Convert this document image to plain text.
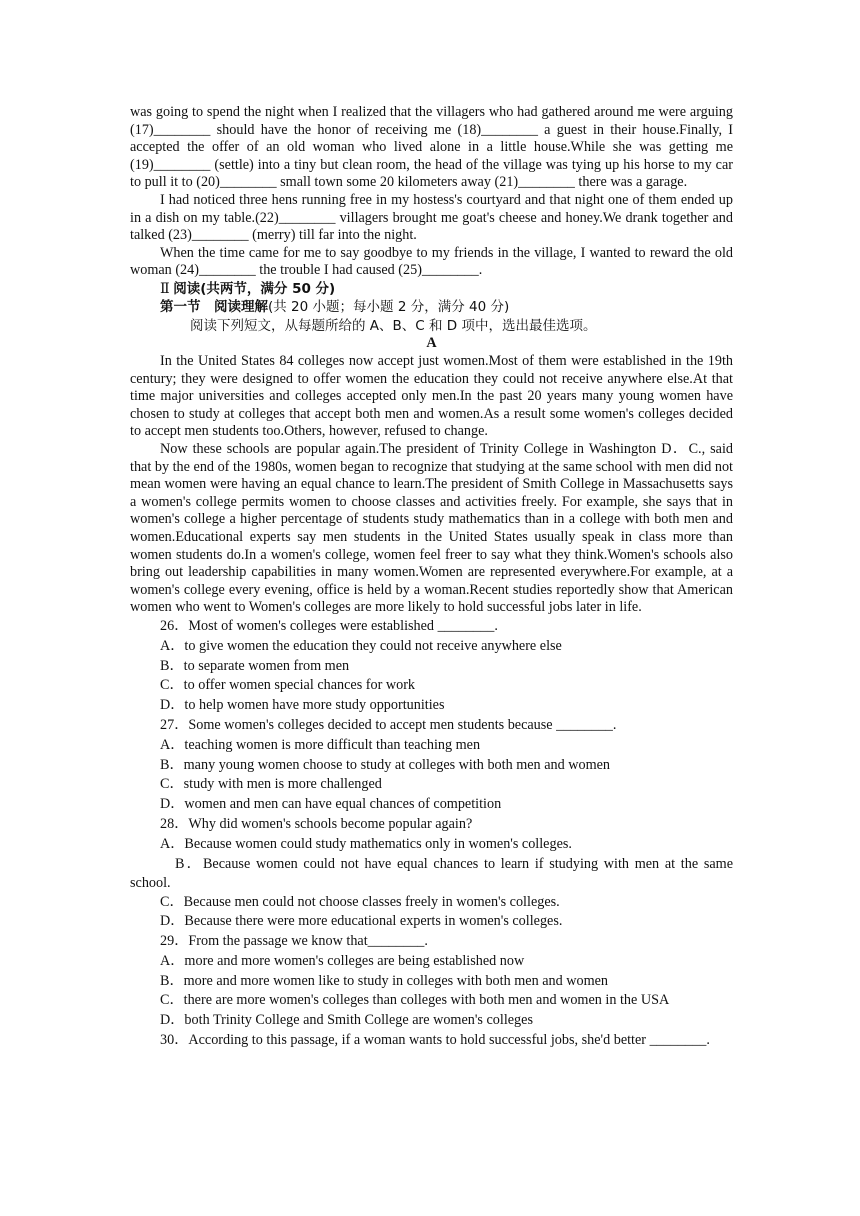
was going to spend the night when I realized that the villagers who had gathered around me were arguing (17)________ should have the honor of receiving me (18)________ a guest in their house.Finally, I accepted the offer of an old woman who lived alone in a little house.While she was getting me (19)________ (settle) into a tiny but clean room, the head of the village was tying up his horse to my car to pull it to (20)________ small town some 20 kilometers away (21)________ there was a garage.

I had noticed three hens running free in my hostess's courtyard and that night one of them ended up in a dish on my table.(22)________ villagers brought me goat's cheese and honey.We drank together and talked (23)________ (merry) till far into the night.

When the time came for me to say goodbye to my friends in the village, I wanted to reward the old woman (24)________ the trouble I had caused (25)________.

Ⅱ 阅读(共两节，满分 50 分)
第一节　阅读理解(共 20 小题；每小题 2 分，满分 40 分)
阅读下列短文，从每题所给的 A、B、C 和 D 项中，选出最佳选项。

A

In the United States 84 colleges now accept just women.Most of them were established in the 19th century; they were designed to offer women the education they could not receive anywhere else.At that time major universities and colleges accepted only men.In the past 20 years many young women have chosen to study at colleges that accept both men and women.As a result some women's colleges decided to accept men students too.Others, however, refused to change.

Now these schools are popular again.The president of Trinity College in Washington D．C., said that by the end of the 1980s, women began to recognize that studying at the same school with men did not mean women were having an equal chance to learn.The president of Smith College in Massachusetts says a women's college permits women to choose classes and activities freely. For example, she says that in women's college a higher percentage of students study mathematics than in a college with both men and women.Educational experts say men students in the United States usually speak in class more than women students do.In a women's college, women feel freer to say what they think.Women's schools also bring out leadership capabilities in many women.Women are represented everywhere.For example, at a women's college every evening, office is held by a woman.Recent studies reportedly show that American women who went to Women's colleges are more likely to hold successful jobs later in life.

26．Most of women's colleges were established ________.

A．to give women the education they could not receive anywhere else

B．to separate women from men

C．to offer women special chances for work

D．to help women have more study opportunities

27．Some women's colleges decided to accept men students because ________.

A．teaching women is more difficult than teaching men

B．many young women choose to study at colleges with both men and women

C．study with men is more challenged

D．women and men can have equal chances of competition

28．Why did women's schools become popular again?

A．Because women could study mathematics only in women's colleges.

B．Because women could not have equal chances to learn if studying with men at the same school.

C．Because men could not choose classes freely in women's colleges.

D．Because there were more educational experts in women's colleges.

29．From the passage we know that________.

A．more and more women's colleges are being established now

B．more and more women like to study in colleges with both men and women

C．there are more women's colleges than colleges with both men and women in the USA

D．both Trinity College and Smith College are women's colleges

30．According to this passage, if a woman wants to hold successful jobs, she'd better ________.
